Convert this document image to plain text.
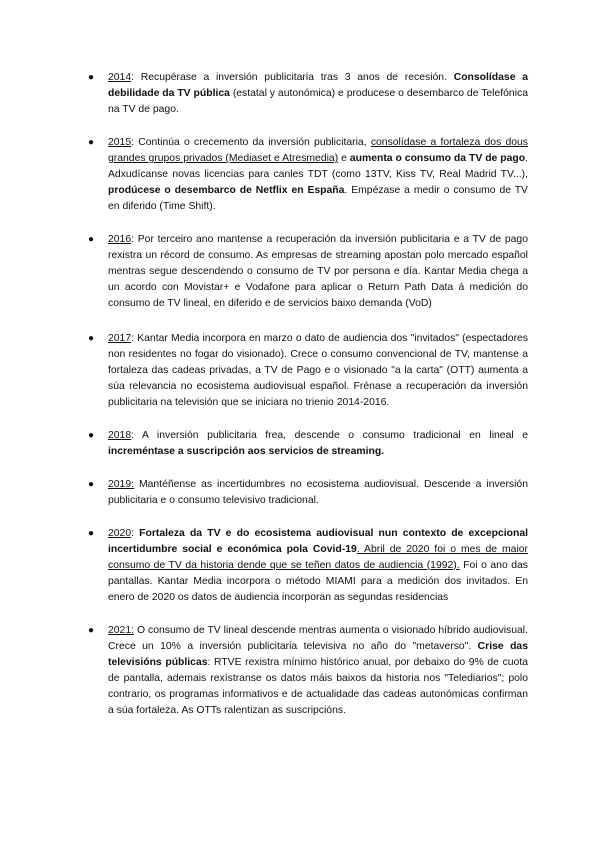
● 2014: Recupérase a inversión publicitaria tras 3 anos de recesión. Consolídase a debilidade da TV pública (estatal y autonómica) e producese o desembarco de Telefónica na TV de pago.
● 2015: Continúa o crecemento da inversión publicitaria, consolídase a fortaleza dos dous grandes grupos privados (Mediaset e Atresmedia) e aumenta o consumo da TV de pago. Adxudícanse novas licencias para canles TDT (como 13TV, Kiss TV, Real Madrid TV...), prodúcese o desembarco de Netflix en España. Empézase a medir o consumo de TV en diferido (Time Shift).
● 2016: Por terceiro ano mantense a recuperación da inversión publicitaria e a TV de pago rexistra un récord de consumo. As empresas de streaming apostan polo mercado español mentras segue descendendo o consumo de TV por persona e día. Kantar Media chega a un acordo con Movistar+ e Vodafone para aplicar o Return Path Data á medición do consumo de TV lineal, en diferido e de servicios baixo demanda (VoD)
● 2017: Kantar Media incorpora en marzo o dato de audiencia dos "invitados" (espectadores non residentes no fogar do visionado). Crece o consumo convencional de TV, mantense a fortaleza das cadeas privadas, a TV de Pago e o visionado "a la carta" (OTT) aumenta a súa relevancia no ecosistema audiovisual español. Frénase a recuperación da inversión publicitaria na televisión que se iniciara no trienio 2014-2016.
● 2018: A inversión publicitaria frea, descende o consumo tradicional en lineal e increméntase a suscripción aos servicios de streaming.
● 2019: Mantéñense as incertidumbres no ecosistema audiovisual. Descende a inversión publicitaria e o consumo televisivo tradicional.
● 2020: Fortaleza da TV e do ecosistema audiovisual nun contexto de excepcional incertidumbre social e económica pola Covid-19. Abril de 2020 foi o mes de maior consumo de TV da historia dende que se teñen datos de audiencia (1992). Foi o ano das pantallas. Kantar Media incorpora o método MIAMI para a medición dos invitados. En enero de 2020 os datos de audiencia incorporan as segundas residencias
● 2021: O consumo de TV lineal descende mentras aumenta o visionado híbrido audiovisual. Crece un 10% a inversión publicitaria televisiva no año do "metaverso". Crise das televisións públicas: RTVE rexistra mínimo histórico anual, por debaixo do 9% de cuota de pantalla, ademais rexístranse os datos máis baixos da historia nos "Telediarios"; polo contrario, os programas informativos e de actualidade das cadeas autonómicas confirman a súa fortaleza. As OTTs ralentizan as suscripcións.
